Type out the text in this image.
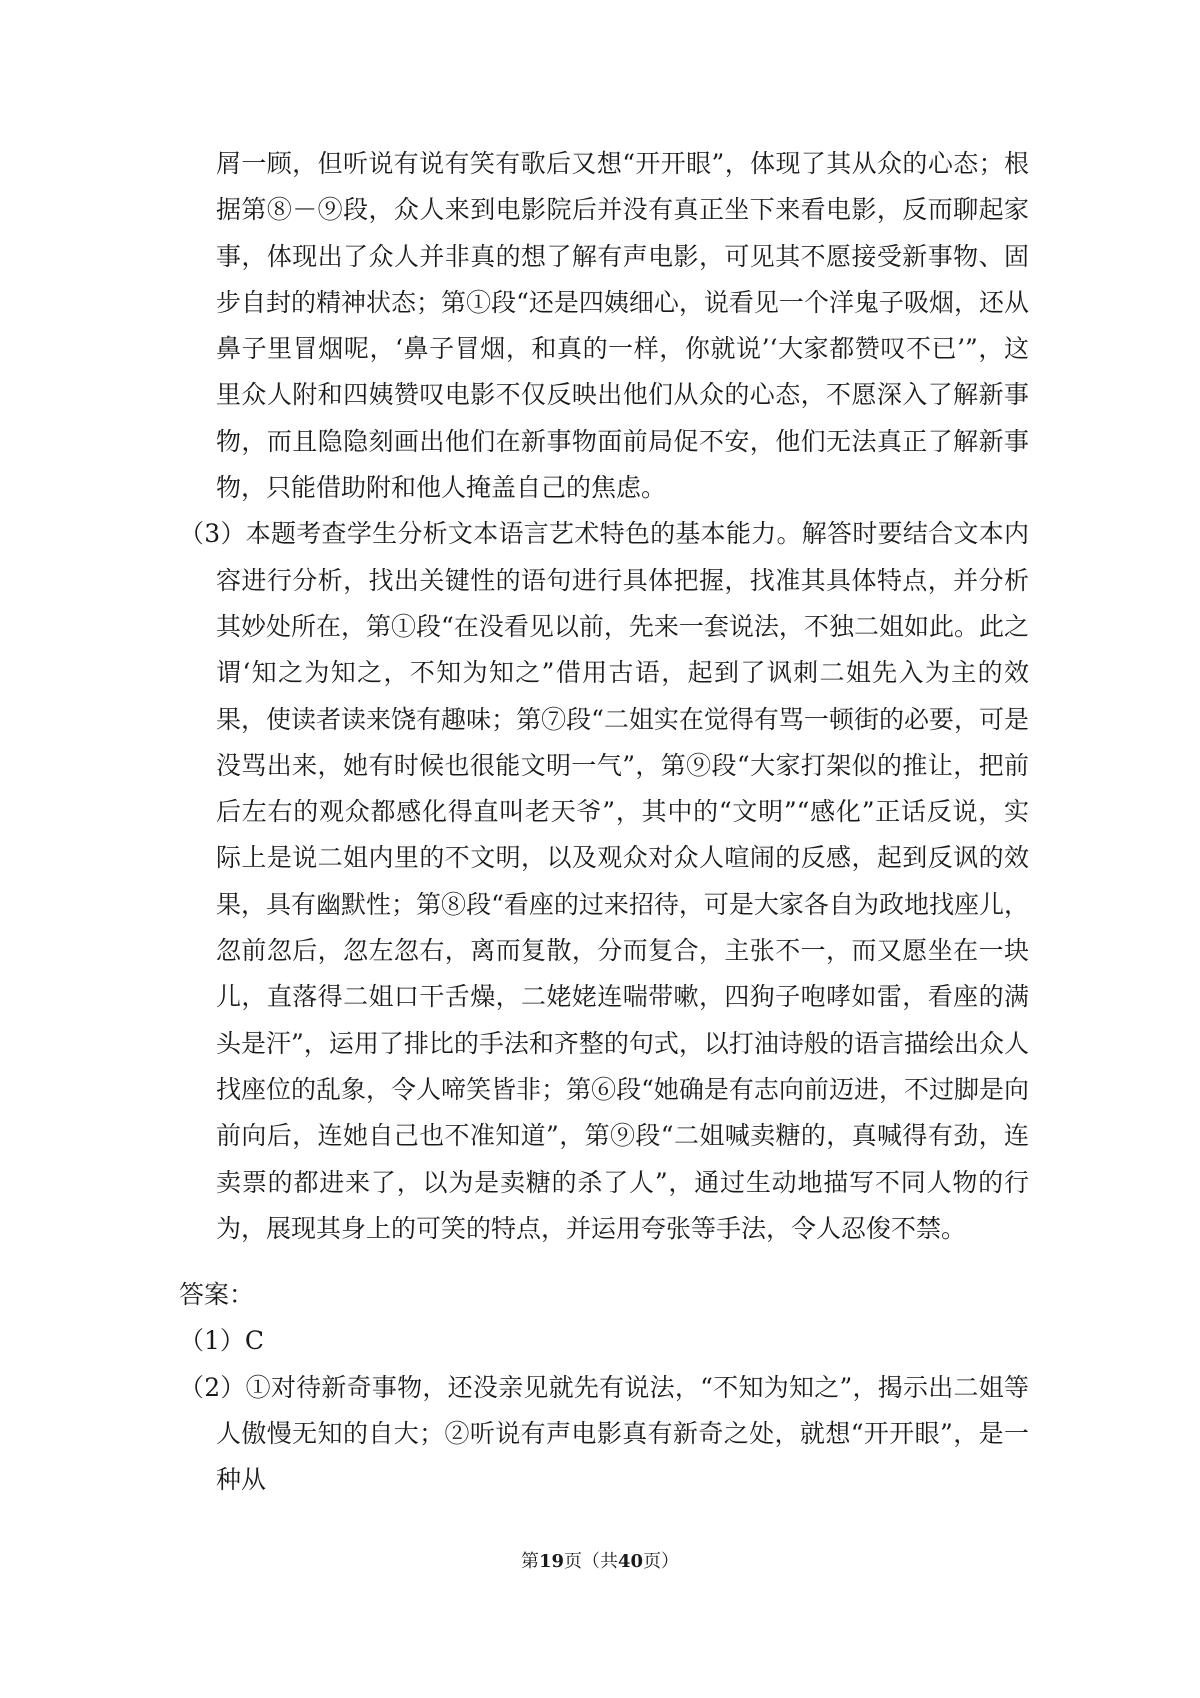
屑一顾，但听说有说有笑有歌后又想“开开眼”，体现了其从众的心态；根据第⑧－⑨段，众人来到电影院后并没有真正坐下来看电影，反而聊起家事，体现出了众人并非真的想了解有声电影，可见其不愿接受新事物、固步自封的精神状态；第①段“还是四姨细心，说看见一个洋鬼子吸烟，还从鼻子里冒烟呢，‘鼻子冒烟，和真的一样，你就说’‘大家都赞叹不已’”，这里众人附和四姨赞叹电影不仅反映出他们从众的心态，不愿深入了解新事物，而且隐隐刻画出他们在新事物面前局促不安，他们无法真正了解新事物，只能借助附和他人掩盖自己的焦虑。

（3）本题考查学生分析文本语言艺术特色的基本能力。解答时要结合文本内容进行分析，找出关键性的语句进行具体把握，找准其具体特点，并分析其妙处所在，第①段“在没看见以前，先来一套说法，不独二姐如此。此之谓‘知之为知之，不知为知之”借用古语，起到了讽刺二姐先入为主的效果，使读者读来饶有趣味；第⑦段“二姐实在觉得有骂一顿街的必要，可是没骂出来，她有时候也很能文明一气”，第⑨段“大家打架似的推让，把前后左右的观众都感化得直叫老天爷”，其中的“文明”“感化”正话反说，实际上是说二姐内里的不文明，以及观众对众人喧闹的反感，起到反讽的效果，具有幽默性；第⑧段“看座的过来招待，可是大家各自为政地找座儿，忽前忽后，忽左忽右，离而复散，分而复合，主张不一，而又愿坐在一块儿，直落得二姐口干舌燥，二姥姥连喘带嗽，四狗子咆哮如雷，看座的满头是汗”，运用了排比的手法和齐整的句式，以打油诗般的语言描绘出众人找座位的乱象，令人啼笑皆非；第⑥段“她确是有志向前迈进，不过脚是向前向后，连她自己也不准知道”，第⑨段“二姐喊卖糖的，真喊得有劲，连卖票的都进来了，以为是卖糖的杀了人”，通过生动地描写不同人物的行为，展现其身上的可笑的特点，并运用夸张等手法，令人忍俊不禁。

答案：

（1）C

（2）①对待新奇事物，还没亲见就先有说法，“不知为知之”，揭示出二姐等人傲慢无知的自大；②听说有声电影真有新奇之处，就想“开开眼”，是一种从

第19页（共40页）
